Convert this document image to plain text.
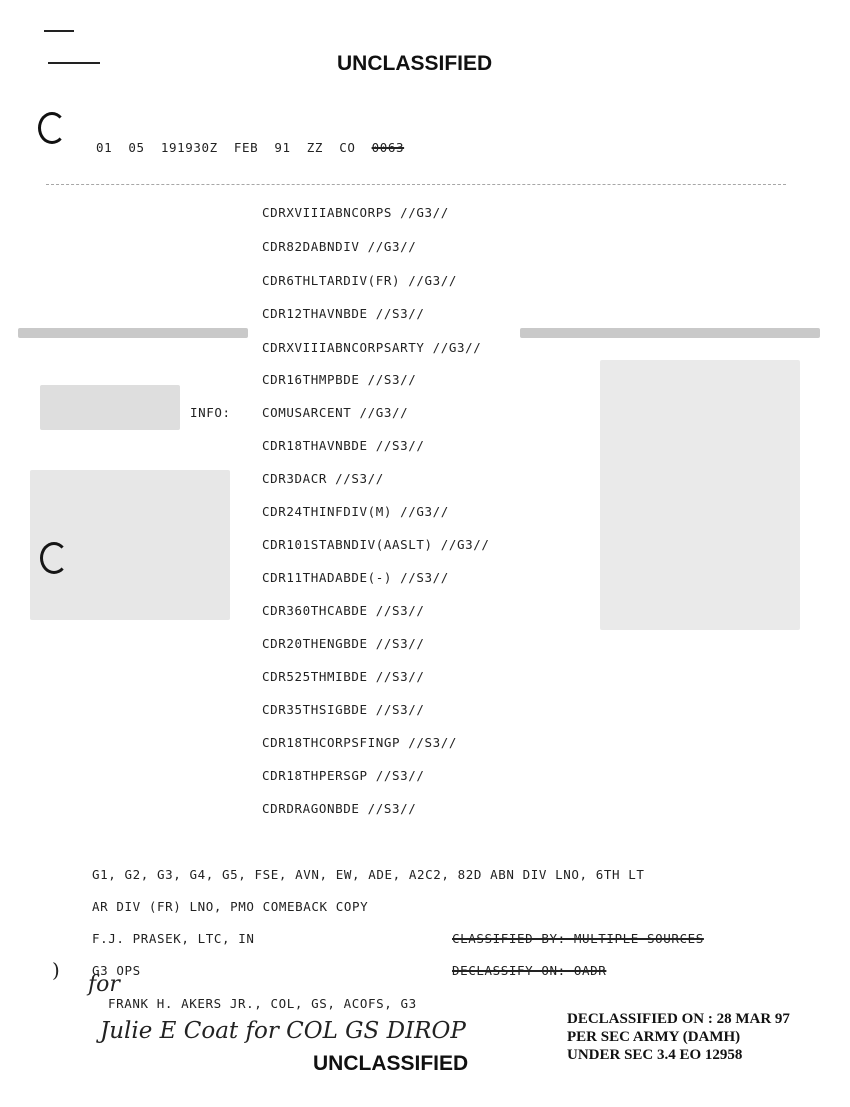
UNCLASSIFIED
01 05 191930Z FEB 91 ZZ CO 0063
CDRXVIIIABNCORPS //G3//
CDR82DABNDIV //G3//
CDR6THLTARDIV(FR) //G3//
CDR12THAVNBDE //S3//
CDRXVIIIABNCORPSARTY //G3//
CDR16THMPBDE //S3//
INFO:	COMUSARCENT //G3//
CDR18THAVNBDE //S3//
CDR3DACR //S3//
CDR24THINFDIV(M) //G3//
CDR101STABNDIV(AASLT) //G3//
CDR11THADABDE(-) //S3//
CDR360THCABDE //S3//
CDR20THENGBDE //S3//
CDR525THMIBDE //S3//
CDR35THSIGBDE //S3//
CDR18THCORPSFINGP //S3//
CDR18THPERSGP //S3//
CDRDRAGONBDE //S3//
G1, G2, G3, G4, G5, FSE, AVN, EW, ADE, A2C2, 82D ABN DIV LNO, 6TH LT
AR DIV (FR) LNO, PMO COMEBACK COPY
F.J. PRASEK, LTC, IN	CLASSIFIED BY: MULTIPLE SOURCES
G3 OPS	DECLASSIFY ON: OADR
)
for
FRANK H. AKERS JR., COL, GS, ACOFS, G3
Julie E Coat for COL GS DIROP	DECLASSIFIED ON : 28 MAR 97
PER SEC ARMY (DAMH)
UNDER SEC 3.4 EO 12958
UNCLASSIFIED
